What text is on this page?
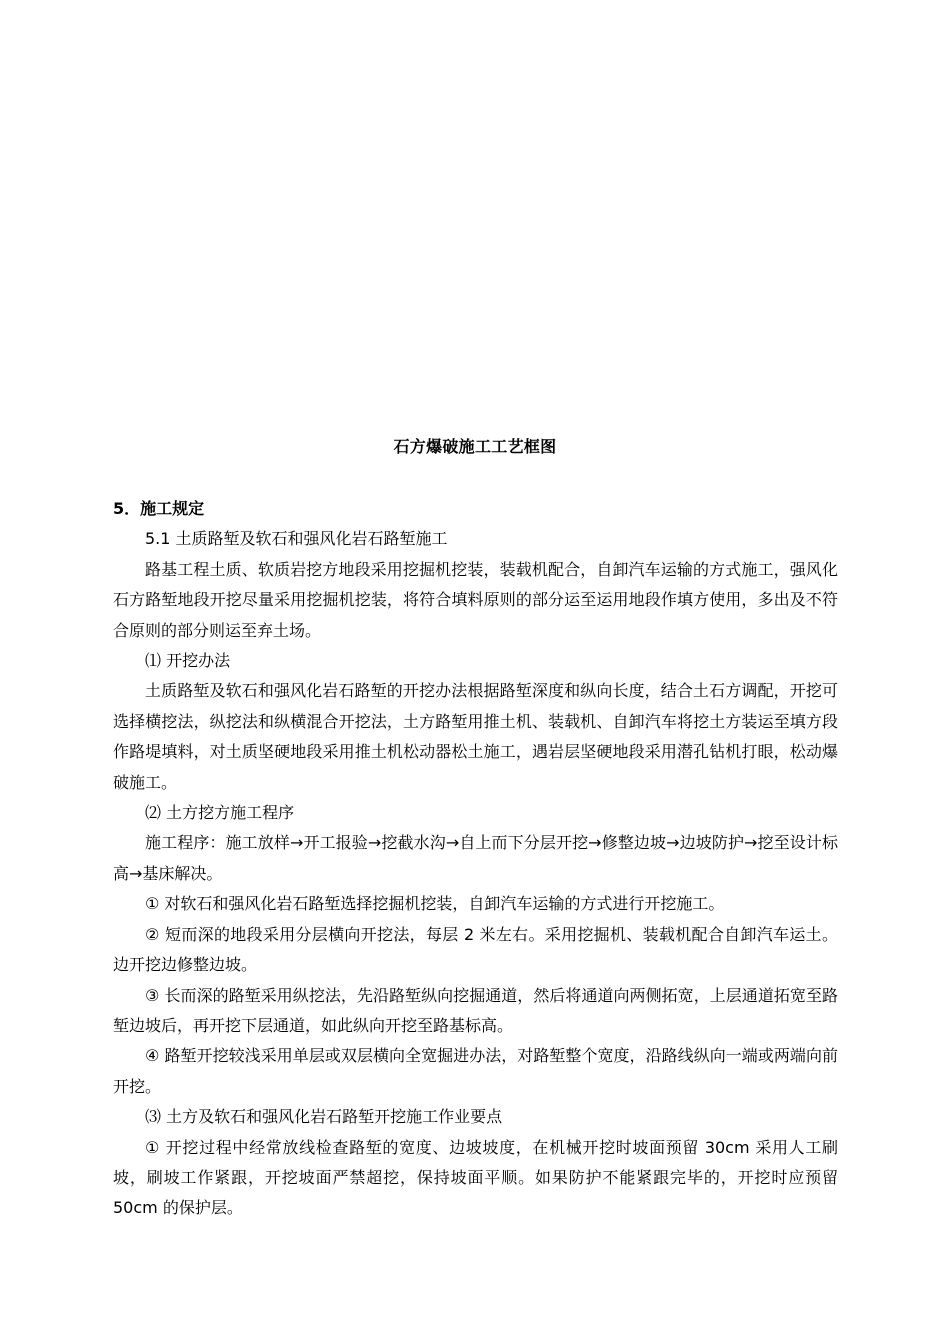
石方爆破施工工艺框图

5．施工规定

5.1 土质路堑及软石和强风化岩石路堑施工

路基工程土质、软质岩挖方地段采用挖掘机挖装，装载机配合，自卸汽车运输的方式施工，强风化石方路堑地段开挖尽量采用挖掘机挖装，将符合填料原则的部分运至运用地段作填方使用，多出及不符合原则的部分则运至弃土场。

⑴ 开挖办法

土质路堑及软石和强风化岩石路堑的开挖办法根据路堑深度和纵向长度，结合土石方调配，开挖可选择横挖法，纵挖法和纵横混合开挖法，土方路堑用推土机、装载机、自卸汽车将挖土方装运至填方段作路堤填料，对土质坚硬地段采用推土机松动器松土施工，遇岩层坚硬地段采用潜孔钻机打眼，松动爆破施工。

⑵ 土方挖方施工程序

施工程序：施工放样→开工报验→挖截水沟→自上而下分层开挖→修整边坡→边坡防护→挖至设计标高→基床解决。

① 对软石和强风化岩石路堑选择挖掘机挖装，自卸汽车运输的方式进行开挖施工。

② 短而深的地段采用分层横向开挖法，每层 2 米左右。采用挖掘机、装载机配合自卸汽车运土。边开挖边修整边坡。

③ 长而深的路堑采用纵挖法，先沿路堑纵向挖掘通道，然后将通道向两侧拓宽，上层通道拓宽至路堑边坡后，再开挖下层通道，如此纵向开挖至路基标高。

④ 路堑开挖较浅采用单层或双层横向全宽掘进办法，对路堑整个宽度，沿路线纵向一端或两端向前开挖。

⑶ 土方及软石和强风化岩石路堑开挖施工作业要点

① 开挖过程中经常放线检查路堑的宽度、边坡坡度，在机械开挖时坡面预留 30cm 采用人工刷坡，刷坡工作紧跟，开挖坡面严禁超挖，保持坡面平顺。如果防护不能紧跟完毕的，开挖时应预留 50cm 的保护层。
